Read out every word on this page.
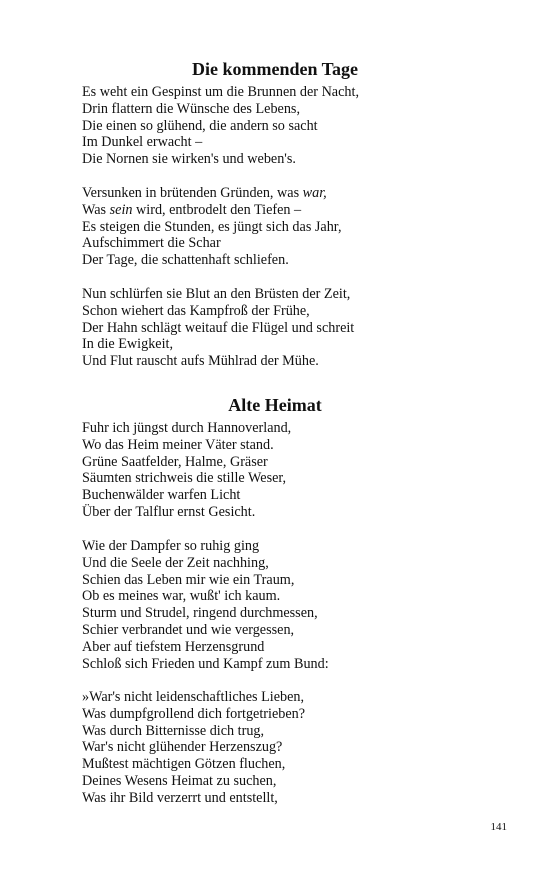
Die kommenden Tage
Es weht ein Gespinst um die Brunnen der Nacht,
Drin flattern die Wünsche des Lebens,
Die einen so glühend, die andern so sacht
Im Dunkel erwacht –
Die Nornen sie wirken's und weben's.
Versunken in brütenden Gründen, was war,
Was sein wird, entbrodelt den Tiefen –
Es steigen die Stunden, es jüngt sich das Jahr,
Aufschimmert die Schar
Der Tage, die schattenhaft schliefen.
Nun schlürfen sie Blut an den Brüsten der Zeit,
Schon wiehert das Kampfroß der Frühe,
Der Hahn schlägt weitauf die Flügel und schreit
In die Ewigkeit,
Und Flut rauscht aufs Mühlrad der Mühe.
Alte Heimat
Fuhr ich jüngst durch Hannoverland,
Wo das Heim meiner Väter stand.
Grüne Saatfelder, Halme, Gräser
Säumten strichweis die stille Weser,
Buchenwälder warfen Licht
Über der Talflur ernst Gesicht.
Wie der Dampfer so ruhig ging
Und die Seele der Zeit nachhing,
Schien das Leben mir wie ein Traum,
Ob es meines war, wußt' ich kaum.
Sturm und Strudel, ringend durchmessen,
Schier verbrandet und wie vergessen,
Aber auf tiefstem Herzensgrund
Schloß sich Frieden und Kampf zum Bund:
»War's nicht leidenschaftliches Lieben,
Was dumpfgrollend dich fortgetrieben?
Was durch Bitternisse dich trug,
War's nicht glühender Herzenszug?
Mußtest mächtigen Götzen fluchen,
Deines Wesens Heimat zu suchen,
Was ihr Bild verzerrt und entstellt,
141
